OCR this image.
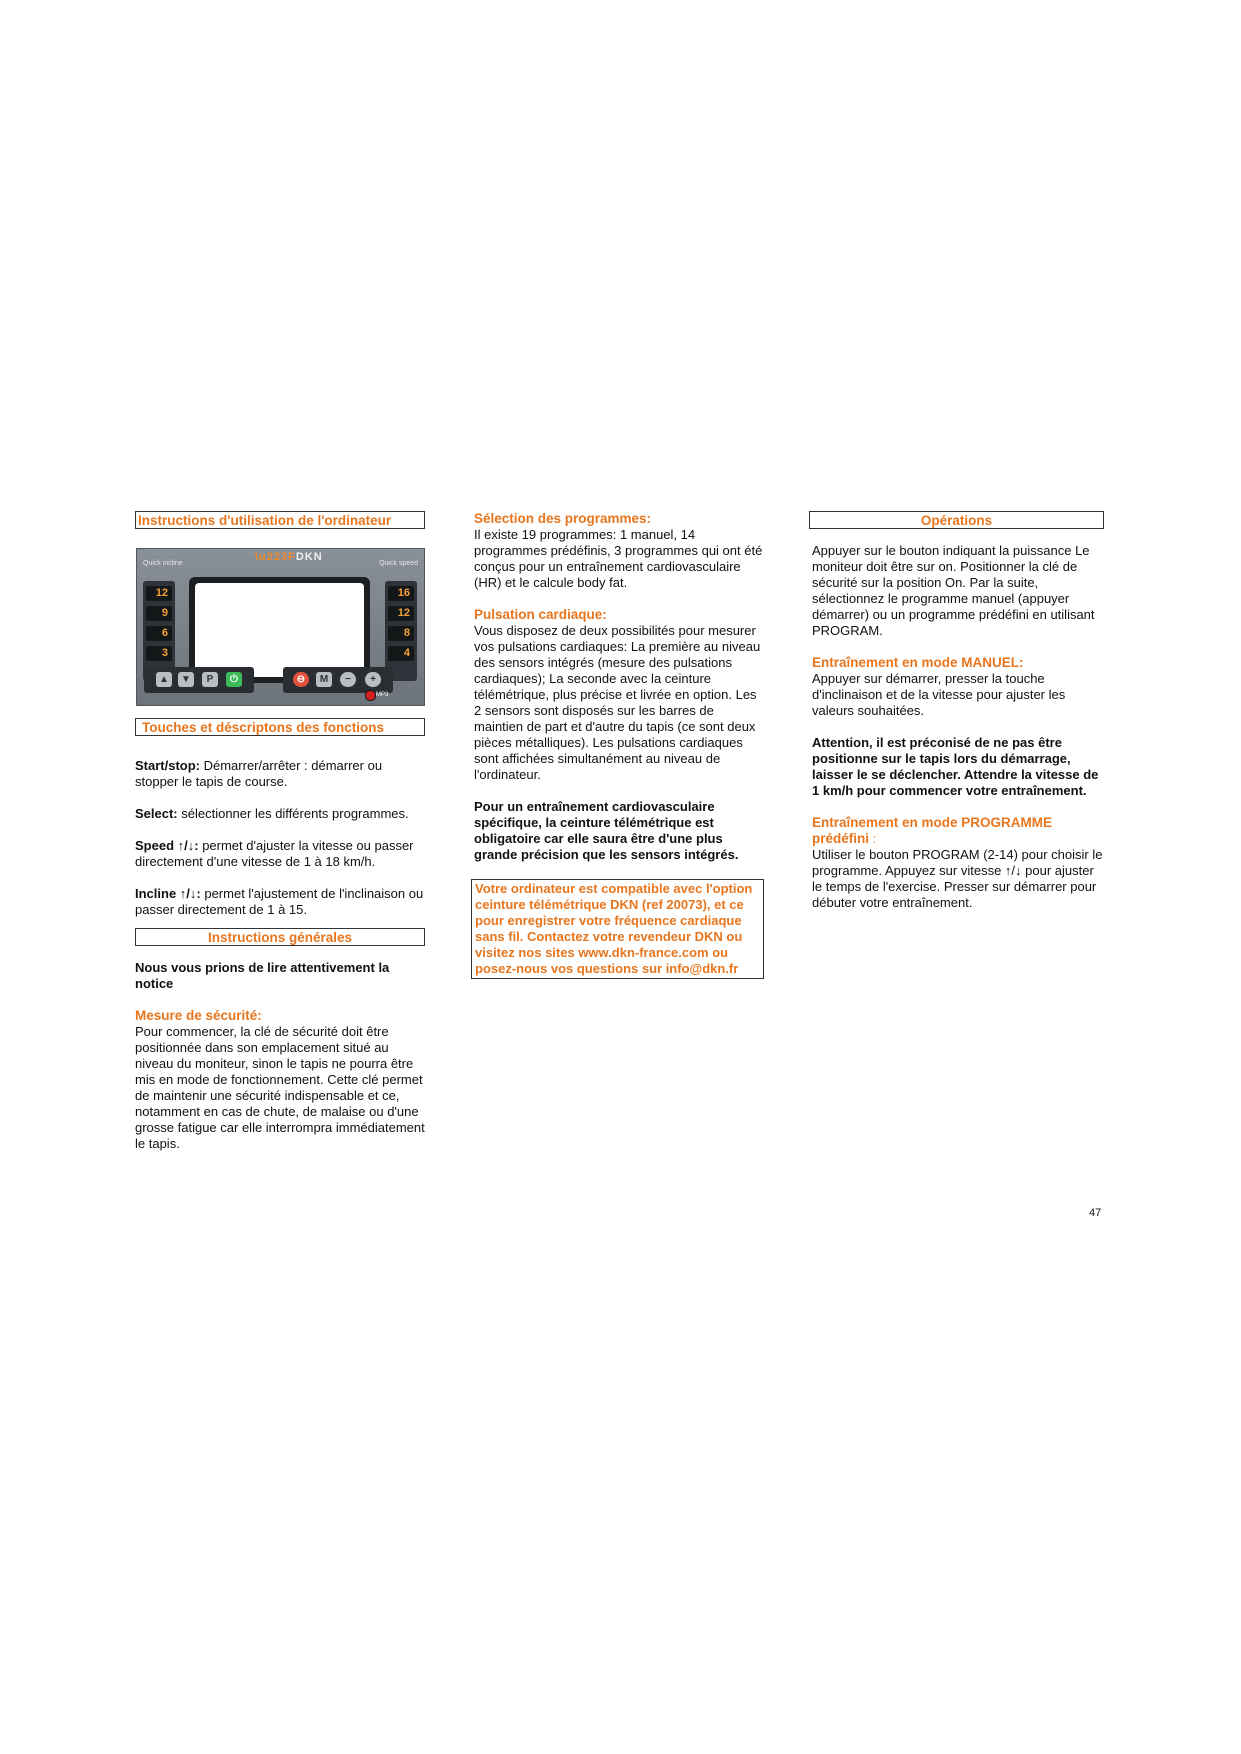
Instructions d'utilisation de l'ordinateur
Quick incline
\u223FDKN
Quick speed
12
9
6
3
16
12
8
4
▲	▼	P	⏻	⊖	M	−	+
MP3
Touches et déscriptons des fonctions

Start/stop: Démarrer/arrêter : démarrer ou stopper le tapis de course.

Select: sélectionner les différents programmes.

Speed ↑/↓: permet d'ajuster la vitesse ou passer directement d'une vitesse de 1 à 18 km/h.

Incline ↑/↓: permet l'ajustement de l'inclinaison ou passer directement de 1 à 15.

Instructions générales

Nous vous prions de lire attentivement la notice

Mesure de sécurité:

Pour commencer, la clé de sécurité doit être positionnée dans son emplacement situé au niveau du moniteur, sinon le tapis ne pourra être mis en mode de fonctionnement. Cette clé permet de maintenir une sécurité indispensable et ce, notamment en cas de chute, de malaise ou d'une grosse fatigue car elle interrompra immédiatement le tapis.

Sélection des programmes:

Il existe 19 programmes: 1 manuel, 14 programmes prédéfinis, 3 programmes qui ont été conçus pour un entraînement cardiovasculaire (HR) et le calcule body fat.

Pulsation cardiaque:

Vous disposez de deux possibilités pour mesurer vos pulsations cardiaques: La première au niveau des sensors intégrés (mesure des pulsations cardiaques); La seconde avec la ceinture télémétrique, plus précise et livrée en option. Les 2 sensors sont disposés sur les barres de maintien de part et d'autre du tapis (ce sont deux pièces métalliques). Les pulsations cardiaques sont affichées simultanément au niveau de l'ordinateur.

Pour un entraînement cardiovasculaire spécifique, la ceinture télémétrique est obligatoire car elle saura être d'une plus grande précision que les sensors intégrés.

Votre ordinateur est compatible avec l'option ceinture télémétrique DKN (ref 20073), et ce pour enregistrer votre fréquence cardiaque sans fil. Contactez votre revendeur DKN ou visitez nos sites www.dkn-france.com ou posez-nous vos questions sur info@dkn.fr
Opérations

Appuyer sur le bouton indiquant la puissance Le moniteur doit être sur on. Positionner la clé de sécurité sur la position On. Par la suite, sélectionnez le programme manuel (appuyer démarrer) ou un programme prédéfini en utilisant PROGRAM.

Entraînement en mode MANUEL:

Appuyer sur démarrer, presser la touche d'inclinaison et de la vitesse pour ajuster les valeurs souhaitées.

Attention, il est préconisé de ne pas être positionne sur le tapis lors du démarrage, laisser le se déclencher. Attendre la vitesse de 1 km/h pour commencer votre entraînement.

Entraînement en mode PROGRAMME prédéfini :

Utiliser le bouton PROGRAM (2-14) pour choisir le programme. Appuyez sur vitesse ↑/↓ pour ajuster le temps de l'exercise. Presser sur démarrer pour débuter votre entraînement.

47
